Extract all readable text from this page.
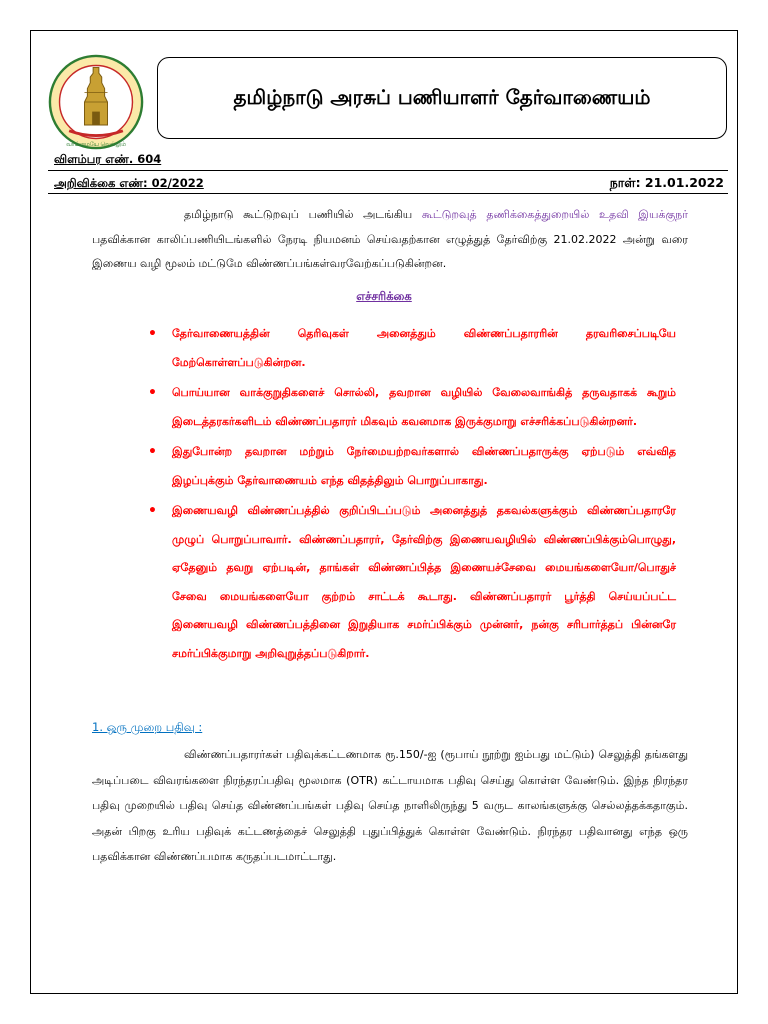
வாய்மையே வெல்லும்
தமிழ்நாடு அரசுப் பணியாளர் தேர்வாணையம்
விளம்பர எண். 604
அறிவிக்கை எண்: 02/2022	நாள்: 21.01.2022
தமிழ்நாடு கூட்டுறவுப் பணியில் அடங்கிய கூட்டுறவுத் தணிக்கைத்துறையில் உதவி இயக்குநர் பதவிக்கான காலிப்பணியிடங்களில் நேரடி நியமனம் செய்வதற்கான எழுத்துத் தேர்விற்கு 21.02.2022 அன்று வரை இணைய வழி மூலம் மட்டுமே விண்ணப்பங்கள்வரவேற்கப்படுகின்றன.
எச்சரிக்கை
• தேர்வாணையத்தின் தெரிவுகள் அனைத்தும் விண்ணப்பதாரரின் தரவரிசைப்படியே மேற்கொள்ளப்படுகின்றன.
• பொய்யான வாக்குறுதிகளைச் சொல்லி, தவறான வழியில் வேலைவாங்கித் தருவதாகக் கூறும் இடைத்தரகர்களிடம் விண்ணப்பதாரர் மிகவும் கவனமாக இருக்குமாறு எச்சரிக்கப்படுகின்றனர்.
• இதுபோன்ற தவறான மற்றும் நேர்மையற்றவர்களால் விண்ணப்பதாருக்கு ஏற்படும் எவ்வித இழப்புக்கும் தேர்வாணையம் எந்த விதத்திலும் பொறுப்பாகாது.
• இணையவழி விண்ணப்பத்தில் குறிப்பிடப்படும் அனைத்துத் தகவல்களுக்கும் விண்ணப்பதாரரே முழுப் பொறுப்பாவார். விண்ணப்பதாரர், தேர்விற்கு இணையவழியில் விண்ணப்பிக்கும்பொழுது, ஏதேனும் தவறு ஏற்படின், தாங்கள் விண்ணப்பித்த இணையச்சேவை மையங்களையோ/பொதுச் சேவை மையங்களையோ குற்றம் சாட்டக் கூடாது. விண்ணப்பதாரர் பூர்த்தி செய்யப்பட்ட இணையவழி விண்ணப்பத்தினை இறுதியாக சமர்ப்பிக்கும் முன்னர், நன்கு சரிபார்த்தப் பின்னரே சமர்ப்பிக்குமாறு அறிவுறுத்தப்படுகிறார்.
1. ஒரு முறை பதிவு :
விண்ணப்பதாரர்கள் பதிவுக்கட்டணமாக ரூ.150/-ஐ (ரூபாய் நூற்று ஐம்பது மட்டும்) செலுத்தி தங்களது அடிப்படை விவரங்களை நிரந்தரப்பதிவு மூலமாக (OTR) கட்டாயமாக பதிவு செய்து கொள்ள வேண்டும். இந்த நிரந்தர பதிவு முறையில் பதிவு செய்த விண்ணப்பங்கள் பதிவு செய்த நாளிலிருந்து 5 வருட காலங்களுக்கு செல்லத்தக்கதாகும். அதன் பிறகு உரிய பதிவுக் கட்டணத்தைச் செலுத்தி புதுப்பித்துக் கொள்ள வேண்டும். நிரந்தர பதிவானது எந்த ஒரு பதவிக்கான விண்ணப்பமாக கருதப்படமாட்டாது.
